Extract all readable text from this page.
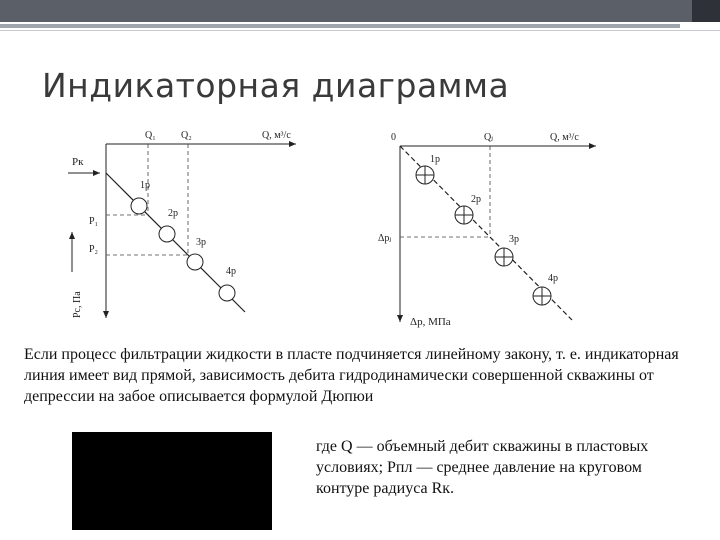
Индикаторная диаграмма
Q₁	Q₂	Q, м³/с
Pк
P₁
P₂
Pс, Па
1р
2р
3р
4р
0	Qⱼ	Q, м³/с
Δpⱼ
Δp, МПа
1р
2р
3р
4р
Если процесс фильтрации жидкости в пласте подчиняется линейному закону, т. е. индикаторная линия имеет вид прямой, зависимость дебита гидродинамически совершенной скважины от депрессии на забое описывается формулой Дюпюи
где Q — объемный дебит скважины в пластовых условиях; Рпл — среднее давление на круговом контуре радиуса Rк.
